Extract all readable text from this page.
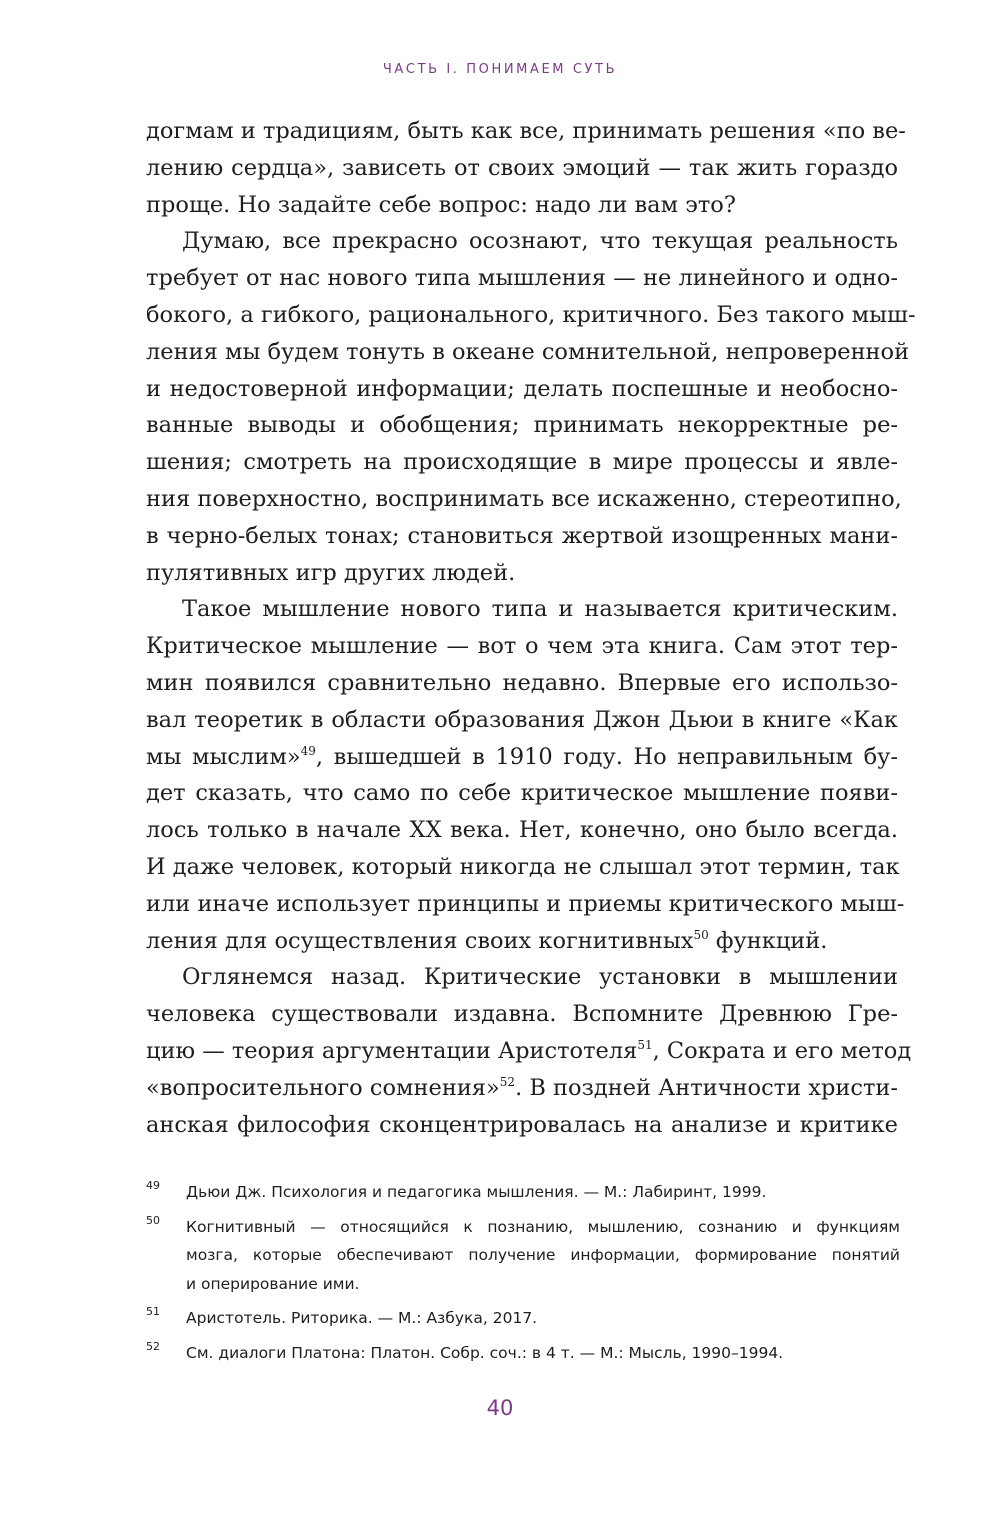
ЧАСТЬ I. ПОНИМАЕМ СУТЬ
догмам и традициям, быть как все, принимать решения «по ве-
лению сердца», зависеть от своих эмоций — так жить гораздо
проще. Но задайте себе вопрос: надо ли вам это?
Думаю, все прекрасно осознают, что текущая реальность
требует от нас нового типа мышления — не линейного и одно-
бокого, а гибкого, рационального, критичного. Без такого мыш-
ления мы будем тонуть в океане сомнительной, непроверенной
и недостоверной информации; делать поспешные и необосно-
ванные выводы и обобщения; принимать некорректные ре-
шения; смотреть на происходящие в мире процессы и явле-
ния поверхностно, воспринимать все искаженно, стереотипно,
в черно-белых тонах; становиться жертвой изощренных мани-
пулятивных игр других людей.
Такое мышление нового типа и называется критическим.
Критическое мышление — вот о чем эта книга. Сам этот тер-
мин появился сравнительно недавно. Впервые его использо-
вал теоретик в области образования Джон Дьюи в книге «Как
мы мыслим»$^{49}$, вышедшей в 1910 году. Но неправильным бу-
дет сказать, что само по себе критическое мышление появи-
лось только в начале XX века. Нет, конечно, оно было всегда.
И даже человек, который никогда не слышал этот термин, так
или иначе использует принципы и приемы критического мыш-
ления для осуществления своих когнитивных$^{50}$ функций.
Оглянемся назад. Критические установки в мышлении
человека существовали издавна. Вспомните Древнюю Гре-
цию — теория аргументации Аристотеля$^{51}$, Сократа и его метод
«вопросительного сомнения»$^{52}$. В поздней Античности христи-
анская философия сконцентрировалась на анализе и критике
49 Дьюи Дж. Психология и педагогика мышления. — М.: Лабиринт, 1999.
50 Когнитивный — относящийся к познанию, мышлению, сознанию и функциям
мозга, которые обеспечивают получение информации, формирование понятий
и оперирование ими.
51 Аристотель. Риторика. — М.: Азбука, 2017.
52 См. диалоги Платона: Платон. Собр. соч.: в 4 т. — М.: Мысль, 1990–1994.
40
